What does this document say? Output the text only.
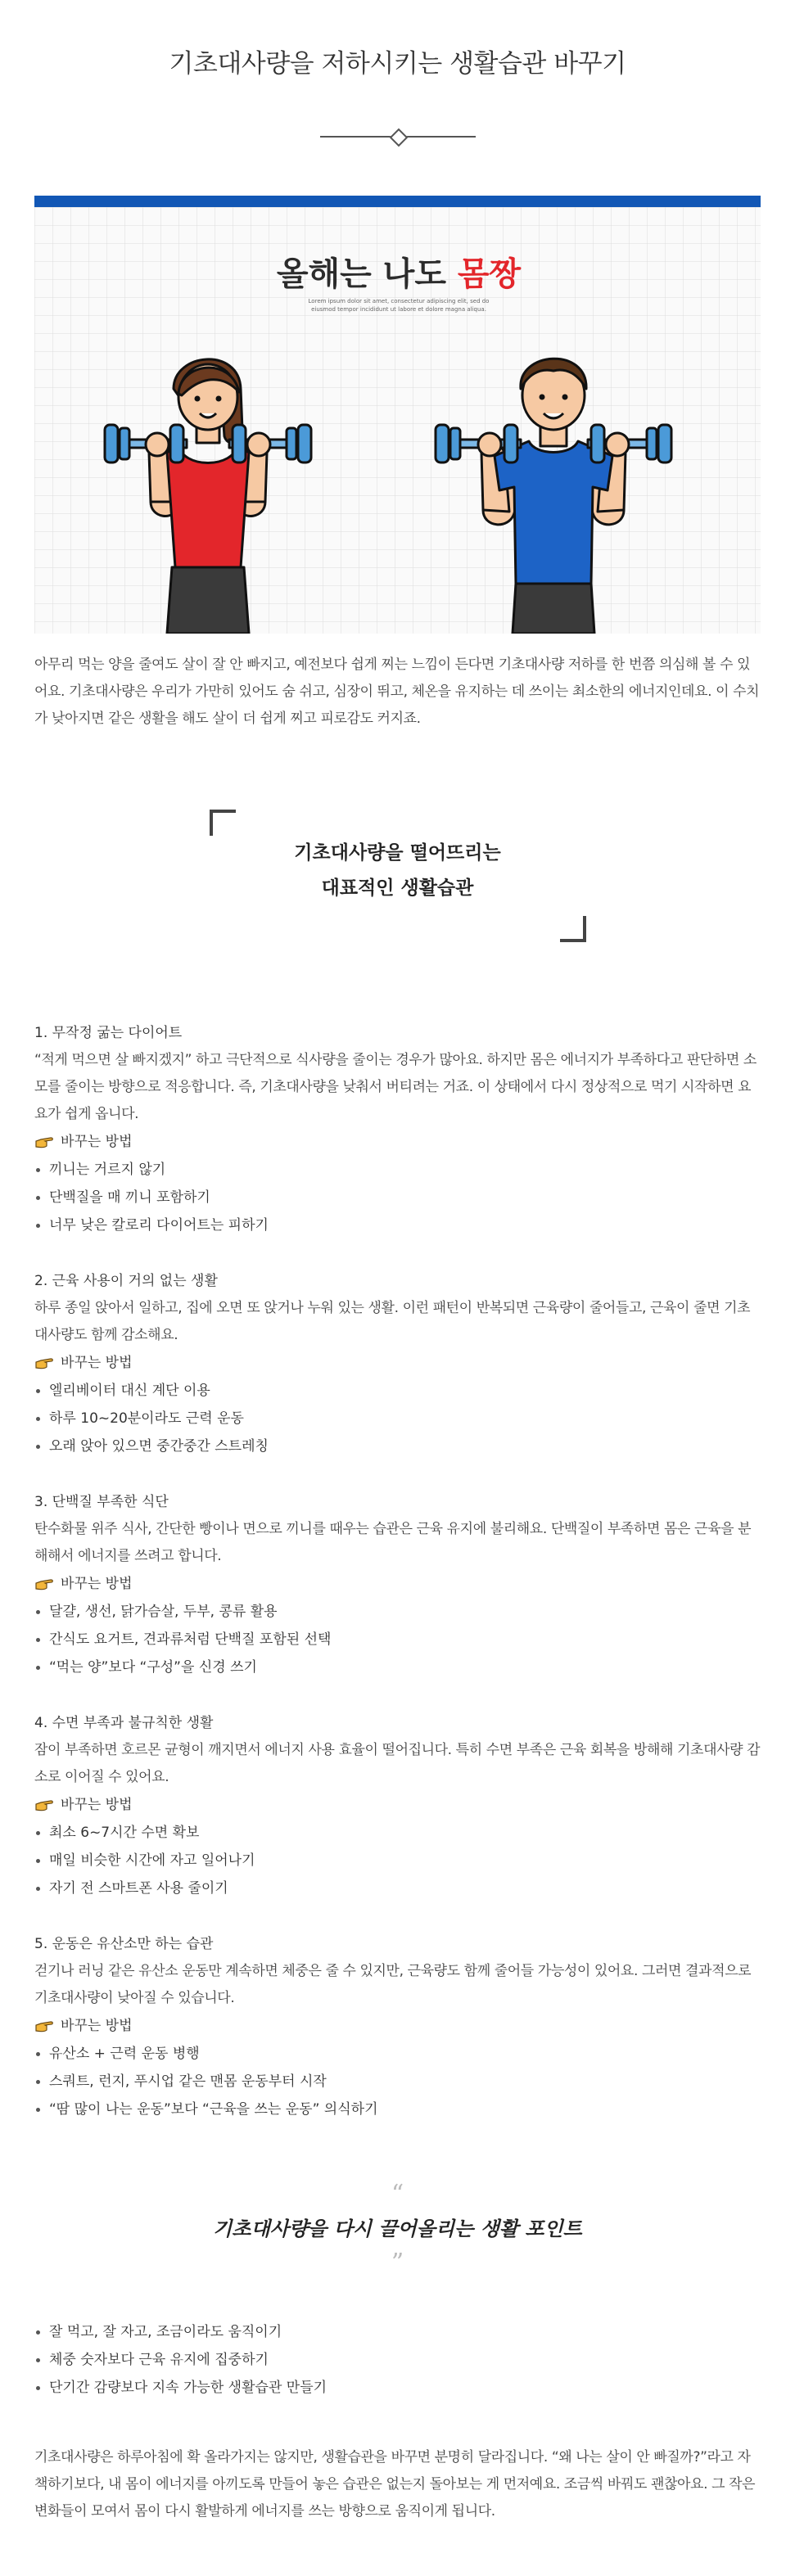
기초대사량을 저하시키는 생활습관 바꾸기
올해는 나도 몸짱
Lorem ipsum dolor sit amet, consectetur adipiscing elit, sed do
eiusmod tempor incididunt ut labore et dolore magna aliqua.

아무리 먹는 양을 줄여도 살이 잘 안 빠지고, 예전보다 쉽게 찌는 느낌이 든다면 기초대사량 저하를 한 번쯤 의심해 볼 수 있어요. 기초대사량은 우리가 가만히 있어도 숨 쉬고, 심장이 뛰고, 체온을 유지하는 데 쓰이는 최소한의 에너지인데요. 이 수치가 낮아지면 같은 생활을 해도 살이 더 쉽게 찌고 피로감도 커지죠.

기초대사량을 떨어뜨리는
대표적인 생활습관
1. 무작정 굶는 다이어트
“적게 먹으면 살 빠지겠지” 하고 극단적으로 식사량을 줄이는 경우가 많아요. 하지만 몸은 에너지가 부족하다고 판단하면 소모를 줄이는 방향으로 적응합니다. 즉, 기초대사량을 낮춰서 버티려는 거죠. 이 상태에서 다시 정상적으로 먹기 시작하면 요요가 쉽게 옵니다.
바꾸는 방법
끼니는 거르지 않기
단백질을 매 끼니 포함하기
너무 낮은 칼로리 다이어트는 피하기
2. 근육 사용이 거의 없는 생활
하루 종일 앉아서 일하고, 집에 오면 또 앉거나 누워 있는 생활. 이런 패턴이 반복되면 근육량이 줄어들고, 근육이 줄면 기초대사량도 함께 감소해요.
바꾸는 방법
엘리베이터 대신 계단 이용
하루 10~20분이라도 근력 운동
오래 앉아 있으면 중간중간 스트레칭
3. 단백질 부족한 식단
탄수화물 위주 식사, 간단한 빵이나 면으로 끼니를 때우는 습관은 근육 유지에 불리해요. 단백질이 부족하면 몸은 근육을 분해해서 에너지를 쓰려고 합니다.
바꾸는 방법
달걀, 생선, 닭가슴살, 두부, 콩류 활용
간식도 요거트, 견과류처럼 단백질 포함된 선택
“먹는 양”보다 “구성”을 신경 쓰기
4. 수면 부족과 불규칙한 생활
잠이 부족하면 호르몬 균형이 깨지면서 에너지 사용 효율이 떨어집니다. 특히 수면 부족은 근육 회복을 방해해 기초대사량 감소로 이어질 수 있어요.
바꾸는 방법
최소 6~7시간 수면 확보
매일 비슷한 시간에 자고 일어나기
자기 전 스마트폰 사용 줄이기
5. 운동은 유산소만 하는 습관
걷기나 러닝 같은 유산소 운동만 계속하면 체중은 줄 수 있지만, 근육량도 함께 줄어들 가능성이 있어요. 그러면 결과적으로 기초대사량이 낮아질 수 있습니다.
바꾸는 방법
유산소 + 근력 운동 병행
스쿼트, 런지, 푸시업 같은 맨몸 운동부터 시작
“땀 많이 나는 운동”보다 “근육을 쓰는 운동” 의식하기
“
기초대사량을 다시 끌어올리는 생활 포인트
”
잘 먹고, 잘 자고, 조금이라도 움직이기
체중 숫자보다 근육 유지에 집중하기
단기간 감량보다 지속 가능한 생활습관 만들기

기초대사량은 하루아침에 확 올라가지는 않지만, 생활습관을 바꾸면 분명히 달라집니다. “왜 나는 살이 안 빠질까?”라고 자책하기보다, 내 몸이 에너지를 아끼도록 만들어 놓은 습관은 없는지 돌아보는 게 먼저예요. 조금씩 바꿔도 괜찮아요. 그 작은 변화들이 모여서 몸이 다시 활발하게 에너지를 쓰는 방향으로 움직이게 됩니다.
